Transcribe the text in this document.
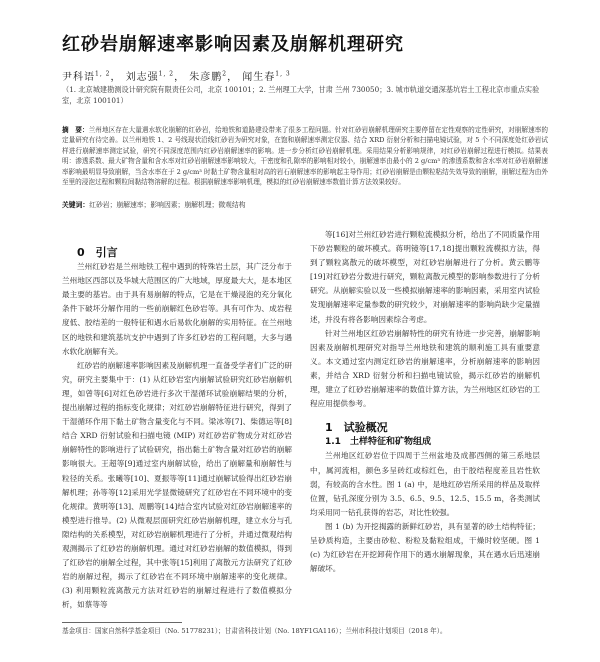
红砂岩崩解速率影响因素及崩解机理研究
尹科语$^{1, 2}$， 刘志强$^{1, 2}$， 朱彦鹏$^2$， 闻生春$^{1, 3}$
（1. 北京城建勘测设计研究院有限责任公司，北京 100101；2. 兰州理工大学，甘肃 兰州 730050；3. 城市轨道交通深基坑岩土工程北京市重点实验室，北京 100101）
摘　要：兰州地区存在大量遇水软化崩解的红砂岩，给地铁和道路建设带来了很多工程问题。针对红砂岩崩解机理研究主要停留在定性观察的定性研究，对崩解速率的定量研究有待完善。以兰州地铁 1、2 号线现状沿线红砂岩为研究对象，在饱和崩解速率测定仪器、结合 XRD 衍射分析和扫描电镜试验，对 5 个不同深度处红砂岩试样进行崩解速率测定试验，研究不同深度范围内红砂岩崩解速率的影响。进一步分析红砂岩崩解机理。采用结果分析影响规律，对红砂岩崩解过程进行模拟。结果表明：渗透系数、最大矿物含量和含水率对红砂岩崩解速率影响较大，干密度和孔隙率的影响相对较小，崩解速率由最小的 2 g/cm³ 的渗透系数和含水率对红砂岩崩解速率影响最明显导致崩解，当含水率在于 2 g/cm³ 时黏土矿物含量相对高的岩石崩解速率的影响起主导作用；红砂岩崩解是由颗粒粘结失效导致的崩解，崩解过程为由外至里的浸泡过程和颗粒间黏结物溶解的过程。根据崩解速率影响机理，模拟的红砂岩崩解速率数值计算方法效果较好。
关键词：红砂岩；崩解速率；影响因素；崩解机理；微观结构

0　引言

兰州红砂岩是兰州地铁工程中遇到的特殊岩土层，其广泛分布于兰州地区西部以及华城大范围区的广大地域，厚度最大大，是本地区最主要的基岩。由于具有易崩解的特点，它是在干燥浸泡的充分氧化条件下破坏分解作用的一些前崩解红色砂岩等。具有可作为、成岩程度低、胶结差的一般特征和遇水后易软化崩解的实用特征。在兰州地区的地铁和建筑基坑支护中遇到了许多红砂岩的工程问题，大多与遇水软化崩解有关。

红砂岩的崩解速率影响因素及崩解机理一直备受学者们广泛的研究，研究主要集中于：(1) 从红砂岩室内崩解试验研究红砂岩崩解机理，如曾等[6]对红色砂岩进行多次干湿循环试验崩解结果的分析，提出崩解过程的指标变化规律；对红砂岩崩解特征进行研究，得到了干湿循环作用下黏土矿物含量变化与不同。梁冰等[7]、柴德运等[8]结合 XRD 衍射试验和扫描电镜 (MIP) 对红砂岩矿物成分对红砂岩崩解特性的影响进行了试验研究，指出黏土矿物含量对红砂岩的崩解影响很大。王超等[9]通过室内崩解试验，给出了崩解量和崩解性与粒径的关系。张曦等[10]、夏振等等[11]通过崩解试验得出红砂岩崩解机理；孙等等[12]采用光学显微镜研究了红砂岩在不同环境中的变化规律。黄明等[13]、周鹏等[14]结合室内试验对红砂岩崩解速率的模型进行推导。(2) 从微观层面研究红砂岩崩解机理，建立水分与孔隙结构的关系模型，对红砂岩崩解机理进行了分析，并通过微观结构观测揭示了红砂岩的崩解机理。通过对红砂岩崩解的数值模拟，得到了红砂岩的崩解全过程，其中张等[15]利用了离散元方法研究了红砂岩的崩解过程，揭示了红砂岩在不同环境中崩解速率的变化规律。(3) 利用颗粒流离散元方法对红砂岩的崩解过程进行了数值模拟分析，如蔡等等

等[16]对兰州红砂岩进行颗粒流模拟分析，给出了不同质量作用下砂岩颗粒的破坏模式。蒋明镜等[17,18]提出颗粒流模拟方法，得到了颗粒离散元的破坏模型，对红砂岩崩解进行了分析。黄云鹏等[19]对红砂岩分数进行研究，颗粒离散元模型的影响参数进行了分析研究。从崩解实验以及一些模拟崩解速率的影响因素，采用室内试验发现崩解速率定量参数的研究较少，对崩解速率的影响尚缺少定量描述，并没有将各影响因素综合考虑。

针对兰州地区红砂岩崩解特性的研究有待进一步完善，崩解影响因素及崩解机理研究对指导兰州地铁和建筑的顺利施工具有重要意义。本文通过室内测定红砂岩的崩解速率，分析崩解速率的影响因素，并结合 XRD 衍射分析和扫描电镜试验，揭示红砂岩的崩解机理，建立了红砂岩崩解速率的数值计算方法，为兰州地区红砂岩的工程应用提供参考。

1　试验概况

1.1　土样特征和矿物组成

兰州地区红砂岩位于四周于兰州盆地及成都西侧的第三系地层中，属河流相，颜色多呈砖红或棕红色，由于胶结程度差且岩性软弱，有较高的含水性。图 1 (a) 中，是地红砂岩所采用的样品及取样位置，钻孔深度分别为 3.5、6.5、9.5、12.5、15.5 m，各类测试均采用同一钻孔获得的岩芯，对比性较强。

图 1 (b) 为开挖揭露的新鲜红砂岩，具有显著的砂土结构特征；呈砂质构造，主要由砂粒、粉粒及黏粒组成，干燥时较坚硬。图 1 (c) 为红砂岩在开挖卸荷作用下的遇水崩解现象，其在遇水后迅速崩解破坏。

基金项目：国家自然科学基金项目（No. 51778231）；甘肃省科技计划（No. 18YF1GA116）；兰州市科技计划项目（2018 年）。
